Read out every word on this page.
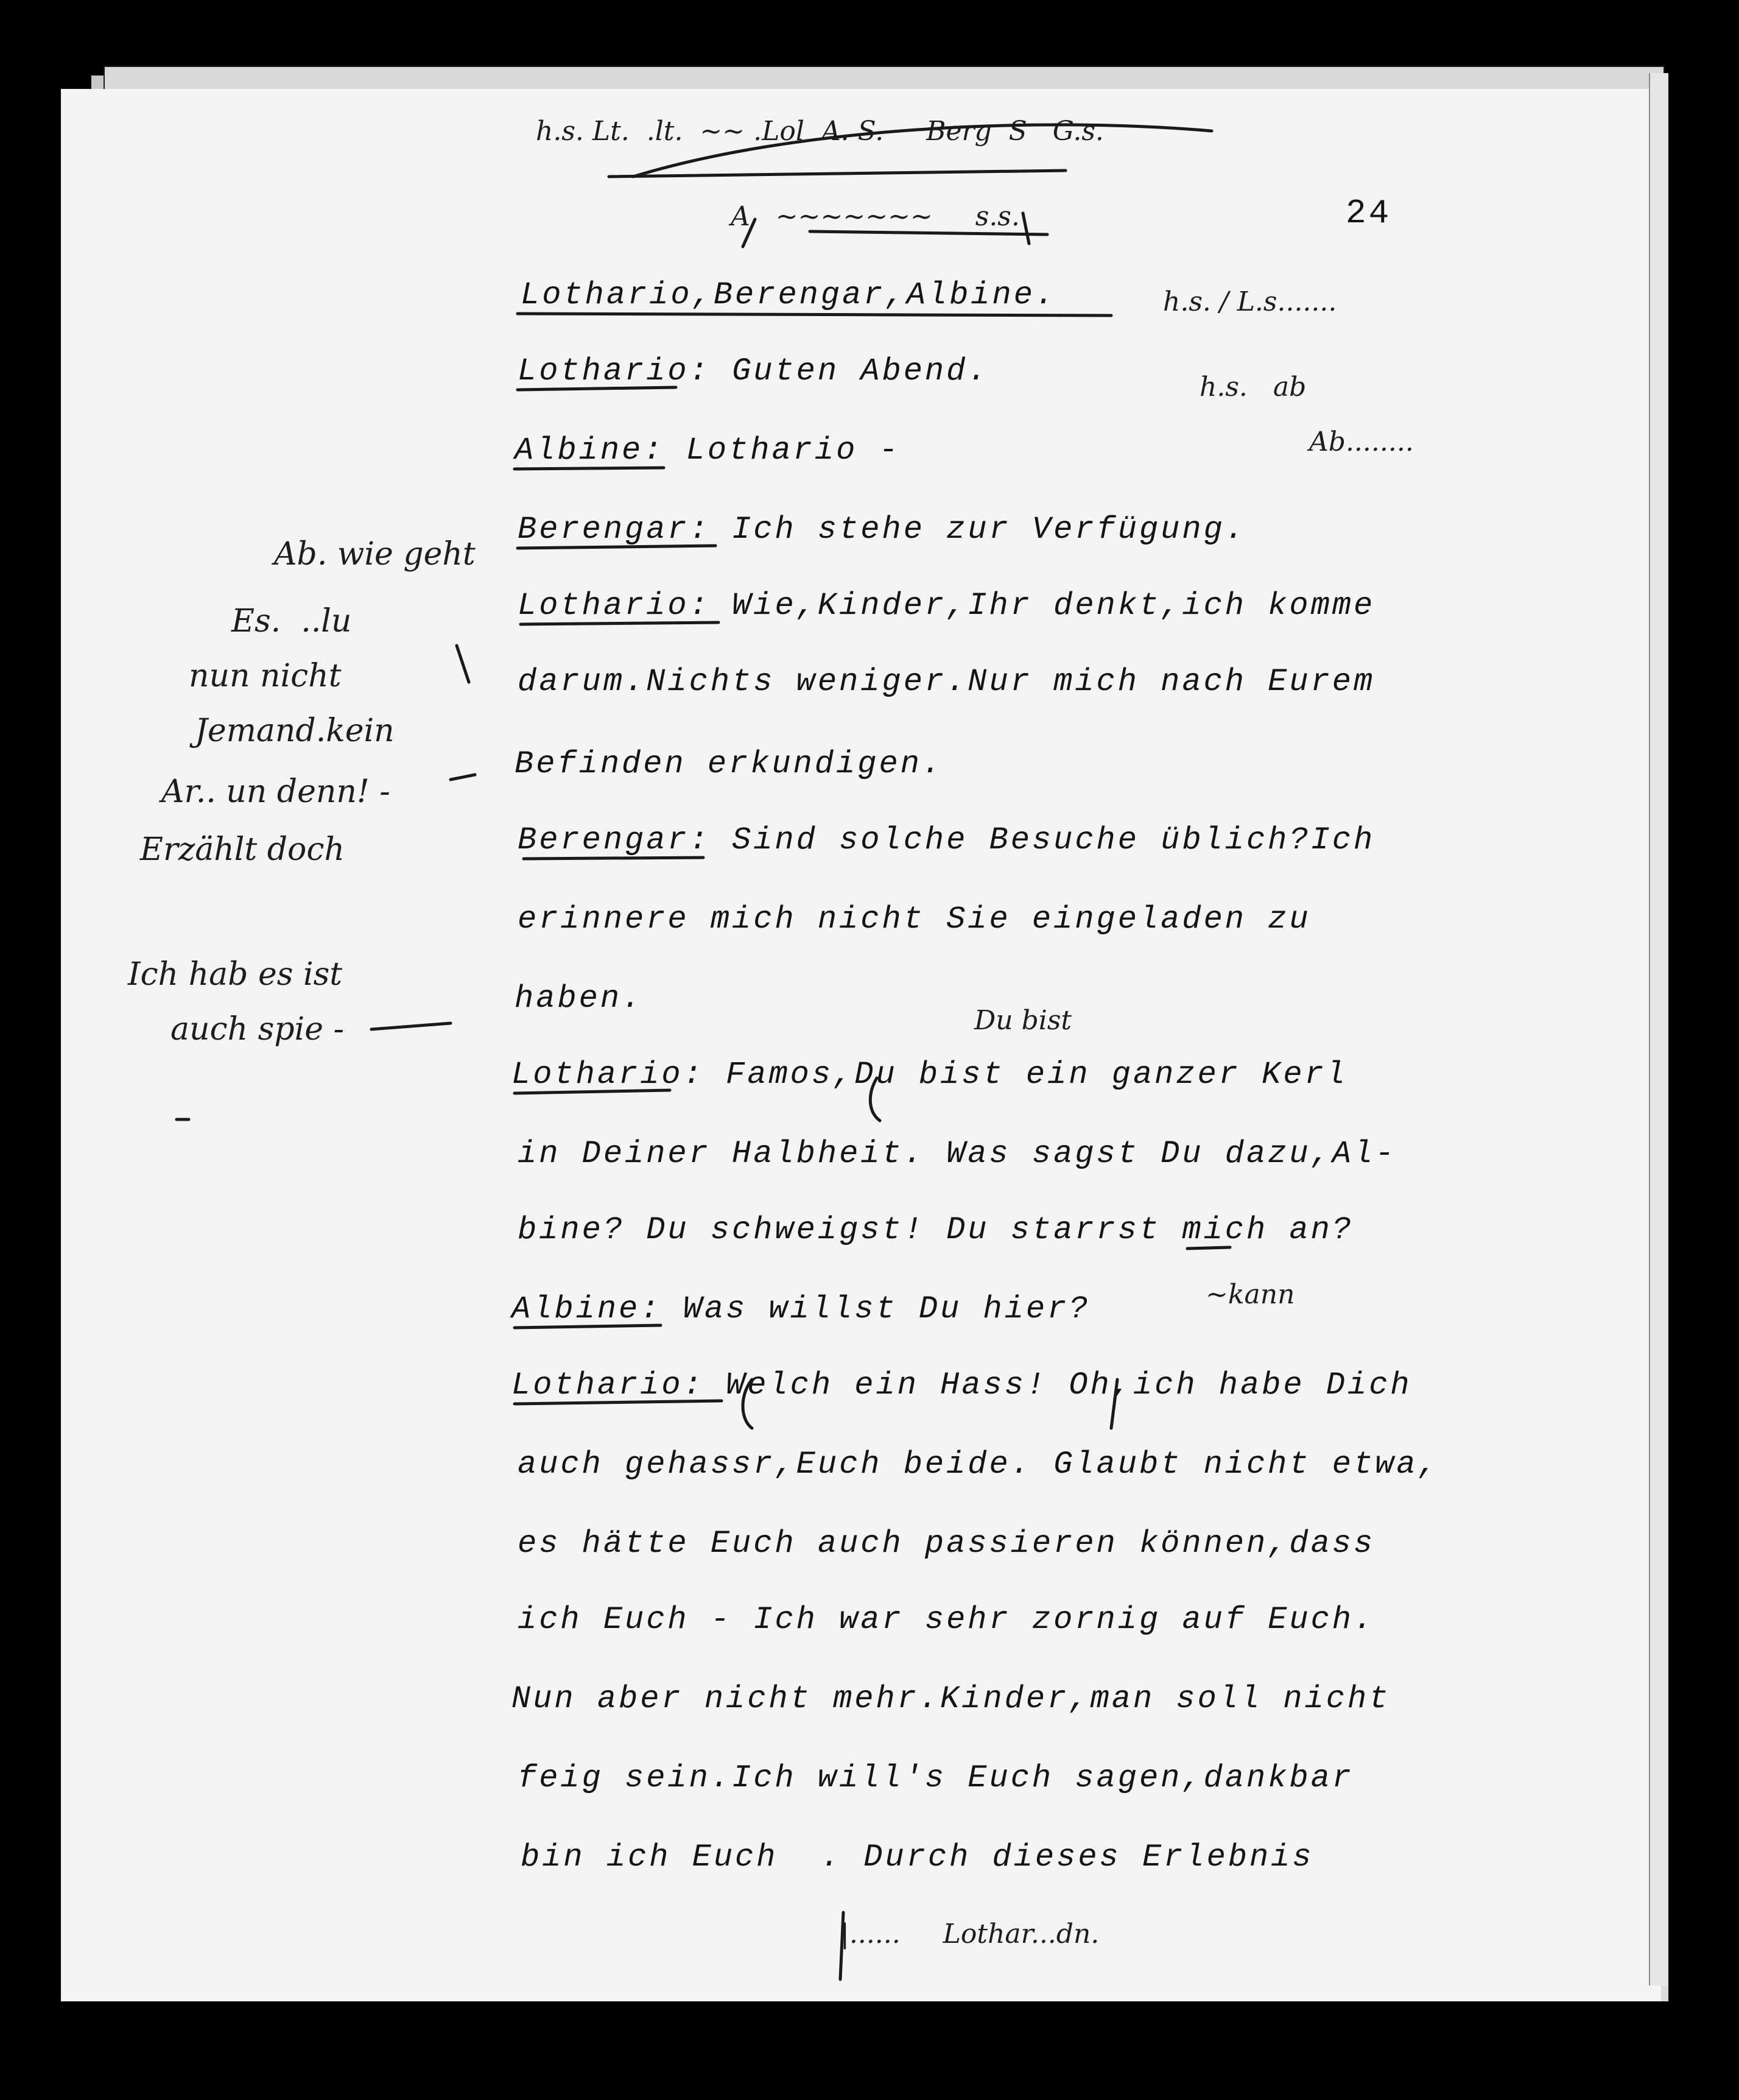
h.s. Lt.  .lt.  ~~ .Lol  A. S.     Berg  S   G.s.
A   ~~~~~~~     s.s.	24
h.s. / L.s.......
h.s.   ab
Ab........
Lothario,Berengar,Albine.
Lothario: Guten Abend.
Albine: Lothario -
Berengar: Ich stehe zur Verfügung.
Lothario: Wie,Kinder,Ihr denkt,ich komme
darum.Nichts weniger.Nur mich nach Eurem
Befinden erkundigen.
Berengar: Sind solche Besuche üblich?Ich
erinnere mich nicht Sie eingeladen zu
haben.
Lothario: Famos,Du bist ein ganzer Kerl
in Deiner Halbheit. Was sagst Du dazu,Al-
bine? Du schweigst! Du starrst mich an?
Albine: Was willst Du hier?
Lothario: Welch ein Hass! Oh,ich habe Dich
auch gehassr,Euch beide. Glaubt nicht etwa,
es hätte Euch auch passieren können,dass
ich Euch - Ich war sehr zornig auf Euch.
Nun aber nicht mehr.Kinder,man soll nicht
feig sein.Ich will's Euch sagen,dankbar
bin ich Euch  . Durch dieses Erlebnis
Du bist
~kann
|......     Lothar...dn.
Ab. wie geht
Es.  ..lu
nun nicht
Jemand.kein
Ar.. un denn! -
Erzählt doch
Ich hab es ist
auch spie -
